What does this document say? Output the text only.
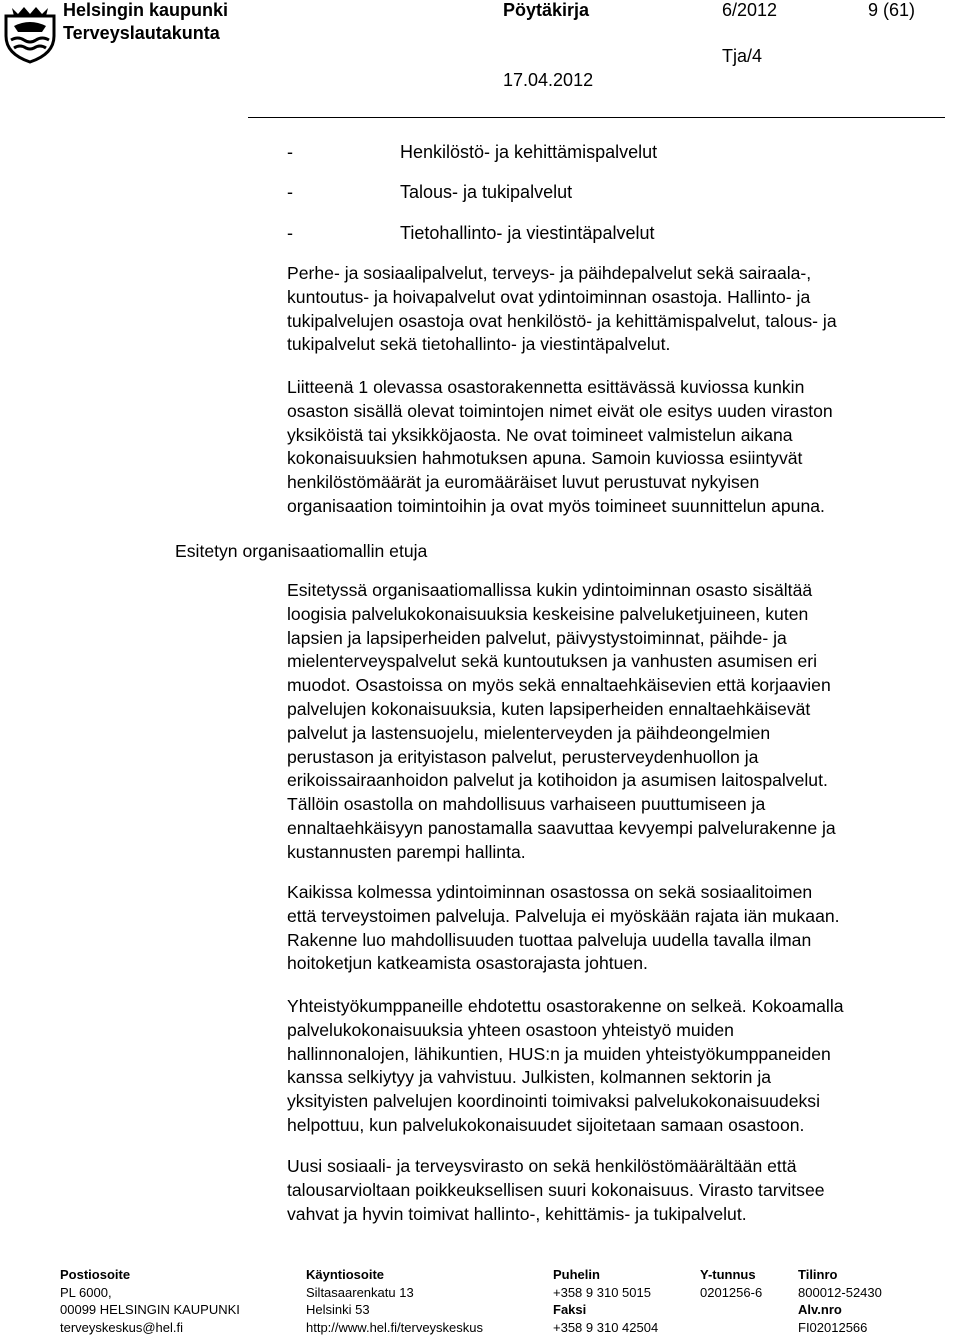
Helsingin kaupunki
Terveyslautakunta
Pöytäkirja	6/2012	9 (61)
Tja/4
17.04.2012
-	Henkilöstö- ja kehittämispalvelut
-	Talous- ja tukipalvelut
-	Tietohallinto- ja viestintäpalvelut
Perhe- ja sosiaalipalvelut, terveys- ja päihdepalvelut sekä sairaala-,
kuntoutus- ja hoivapalvelut ovat ydintoiminnan osastoja. Hallinto- ja
tukipalvelujen osastoja ovat henkilöstö- ja kehittämispalvelut, talous- ja
tukipalvelut sekä tietohallinto- ja viestintäpalvelut.
Liitteenä 1 olevassa osastorakennetta esittävässä kuviossa kunkin
osaston sisällä olevat toimintojen nimet eivät ole esitys uuden viraston
yksiköistä tai yksikköjaosta. Ne ovat toimineet valmistelun aikana
kokonaisuuksien hahmotuksen apuna. Samoin kuviossa esiintyvät
henkilöstömäärät ja euromääräiset luvut perustuvat nykyisen
organisaation toimintoihin ja ovat myös toimineet suunnittelun apuna.
Esitetyn organisaatiomallin etuja
Esitetyssä organisaatiomallissa kukin ydintoiminnan osasto sisältää
loogisia palvelukokonaisuuksia keskeisine palveluketjuineen, kuten
lapsien ja lapsiperheiden palvelut, päivystystoiminnat, päihde- ja
mielenterveyspalvelut sekä kuntoutuksen ja vanhusten asumisen eri
muodot. Osastoissa on myös sekä ennaltaehkäisevien että korjaavien
palvelujen kokonaisuuksia, kuten lapsiperheiden ennaltaehkäisevät
palvelut ja lastensuojelu, mielenterveyden ja päihdeongelmien
perustason ja erityistason palvelut, perusterveydenhuollon ja
erikoissairaanhoidon palvelut ja kotihoidon ja asumisen laitospalvelut.
Tällöin osastolla on mahdollisuus varhaiseen puuttumiseen ja
ennaltaehkäisyyn panostamalla saavuttaa kevyempi palvelurakenne ja
kustannusten parempi hallinta.
Kaikissa kolmessa ydintoiminnan osastossa on sekä sosiaalitoimen
että terveystoimen palveluja. Palveluja ei myöskään rajata iän mukaan.
Rakenne luo mahdollisuuden tuottaa palveluja uudella tavalla ilman
hoitoketjun katkeamista osastorajasta johtuen.
Yhteistyökumppaneille ehdotettu osastorakenne on selkeä. Kokoamalla
palvelukokonaisuuksia yhteen osastoon yhteistyö muiden
hallinnonalojen, lähikuntien, HUS:n ja muiden yhteistyökumppaneiden
kanssa selkiytyy ja vahvistuu. Julkisten, kolmannen sektorin ja
yksityisten palvelujen koordinointi toimivaksi palvelukokonaisuudeksi
helpottuu, kun palvelukokonaisuudet sijoitetaan samaan osastoon.
Uusi sosiaali- ja terveysvirasto on sekä henkilöstömäärältään että
talousarvioltaan poikkeuksellisen suuri kokonaisuus. Virasto tarvitsee
vahvat ja hyvin toimivat hallinto-, kehittämis- ja tukipalvelut.
Postiosoite
PL 6000,
00099 HELSINGIN KAUPUNKI
terveyskeskus@hel.fi
Käyntiosoite
Siltasaarenkatu 13
Helsinki 53
http://www.hel.fi/terveyskeskus
Puhelin
+358 9 310 5015
Faksi
+358 9 310 42504
Y-tunnus
0201256-6
Tilinro
800012-52430
Alv.nro
FI02012566
